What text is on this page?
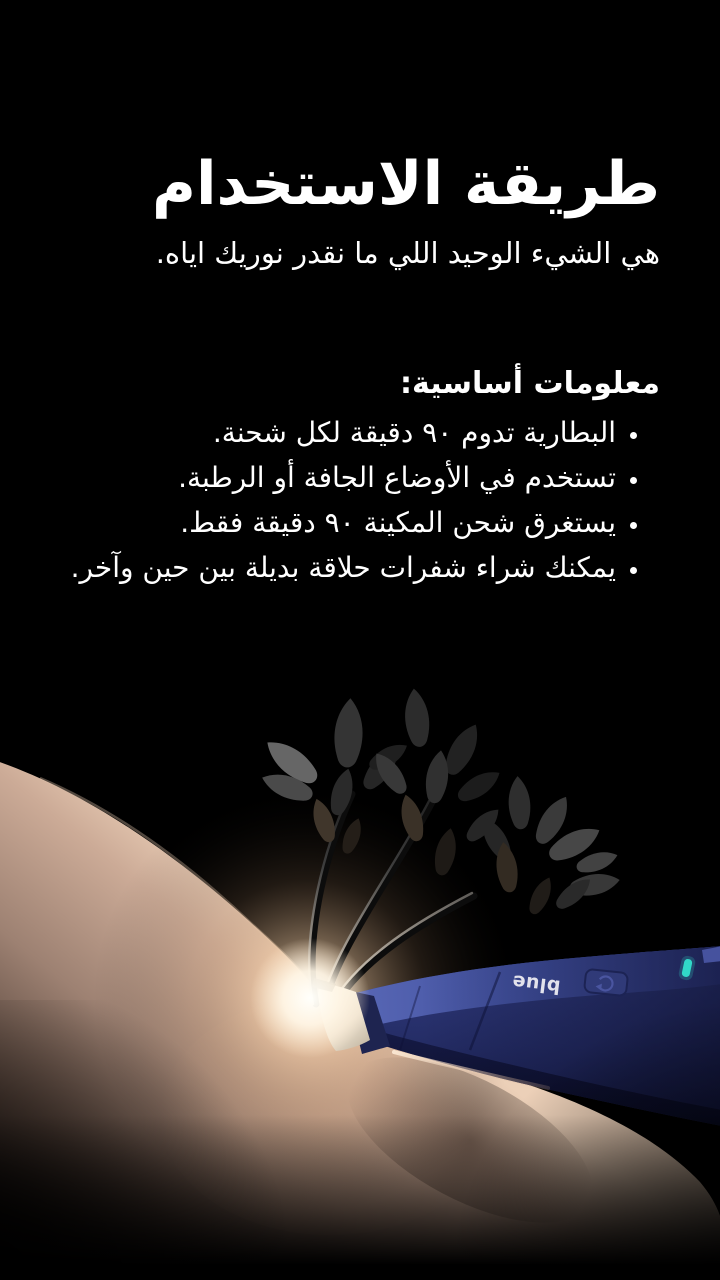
طريقة الاستخدام

هي الشيء الوحيد اللي ما نقدر نوريك اياه.

معلومات أساسية:
• البطارية تدوم ٩٠ دقيقة لكل شحنة.
• تستخدم في الأوضاع الجافة أو الرطبة.
• يستغرق شحن المكينة ٩٠ دقيقة فقط.
• يمكنك شراء شفرات حلاقة بديلة بين حين وآخر.
blue
